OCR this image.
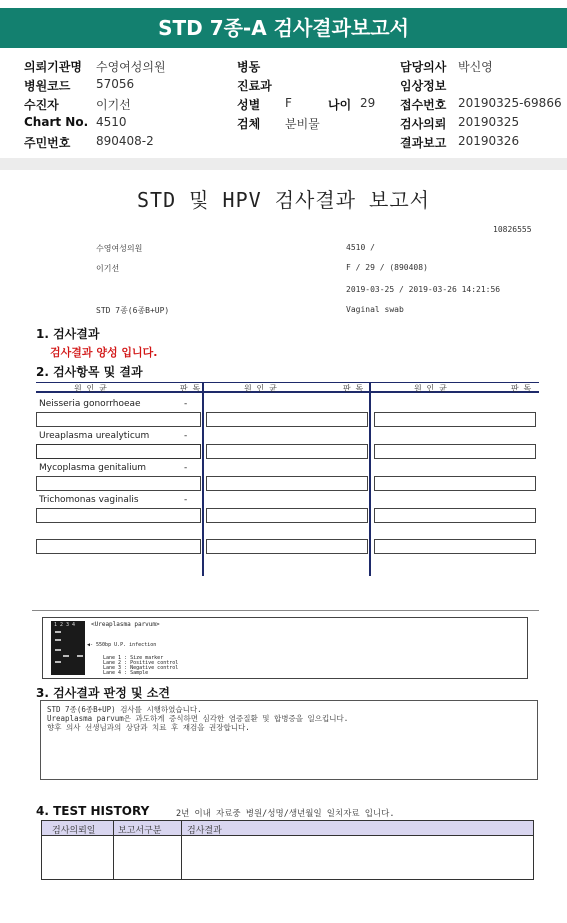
STD 7종-A 검사결과보고서
의뢰기관명 수영여성의원	병동	담당의사 박신영
병원코드 57056	진료과	임상정보
수진자	이기선	성별 F	나이 29 접수번호 20190325-69866
Chart No. 4510	검체 분비물	검사의뢰 20190325
주민번호 890408-2	결과보고 20190326
STD 및 HPV 검사결과 보고서
10826555
수영여성의원	4510 /
이기선	F / 29 / (890408)
2019-03-25 / 2019-03-26 14:21:56
STD 7종(6종B+UP)	Vaginal swab
1. 검사결과
검사결과 양성 입니다.
2. 검사항목 및 결과
원 인 균	판 독	원 인 균	판 독	원 인 균	판 독
Neisseria gonorrhoeae	-
Ureaplasma urealyticum	-
Mycoplasma genitalium	-
Trichomonas vaginalis	-
1 2 3 4	<Ureaplasma parvum>
◀- 550bp U.P. infection
Lane 1 : Size marker
Lane 2 : Positive control
Lane 3 : Negative control
Lane 4 : Sample
3. 검사결과 판정 및 소견
STD 7종(6종B+UP) 검사를 시행하였습니다.
Ureaplasma parvum은 과도하게 증식하면 심각한 염증질환 및 합병증을 일으킵니다.
향후 의사 선생님과의 상담과 치료 후 재검을 권장합니다.
4. TEST HISTORY	2년 이내 자료중 병원/성명/생년월일 일치자료 입니다.
검사의뢰일	보고서구분	검사결과
